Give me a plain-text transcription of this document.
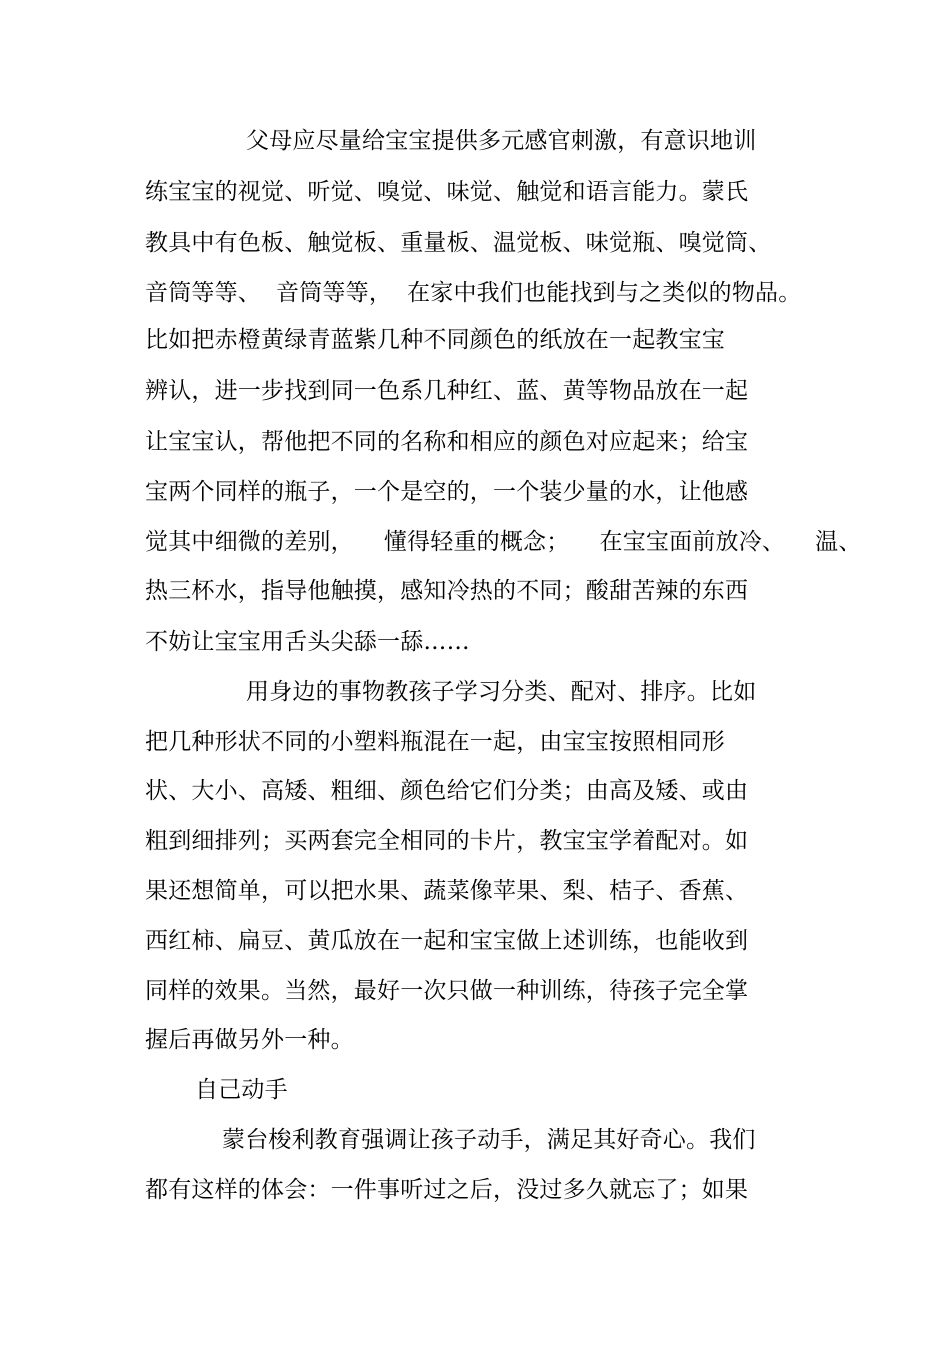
父母应尽量给宝宝提供多元感官刺激，有意识地训
练宝宝的视觉、听觉、嗅觉、味觉、触觉和语言能力。蒙氏
教具中有色板、触觉板、重量板、温觉板、味觉瓶、嗅觉筒、
音筒等等、  音筒等等，  在家中我们也能找到与之类似的物品。
比如把赤橙黄绿青蓝紫几种不同颜色的纸放在一起教宝宝
辨认，进一步找到同一色系几种红、蓝、黄等物品放在一起
让宝宝认，帮他把不同的名称和相应的颜色对应起来；给宝
宝两个同样的瓶子，一个是空的，一个装少量的水，让他感
觉其中细微的差别，    懂得轻重的概念；    在宝宝面前放冷、    温、
热三杯水，指导他触摸，感知冷热的不同；酸甜苦辣的东西
不妨让宝宝用舌头尖舔一舔……
用身边的事物教孩子学习分类、配对、排序。比如
把几种形状不同的小塑料瓶混在一起，由宝宝按照相同形
状、大小、高矮、粗细、颜色给它们分类；由高及矮、或由
粗到细排列；买两套完全相同的卡片，教宝宝学着配对。如
果还想简单，可以把水果、蔬菜像苹果、梨、桔子、香蕉、
西红柿、扁豆、黄瓜放在一起和宝宝做上述训练，也能收到
同样的效果。当然，最好一次只做一种训练，待孩子完全掌
握后再做另外一种。
自己动手
蒙台梭利教育强调让孩子动手，满足其好奇心。我们
都有这样的体会：一件事听过之后，没过多久就忘了；如果
